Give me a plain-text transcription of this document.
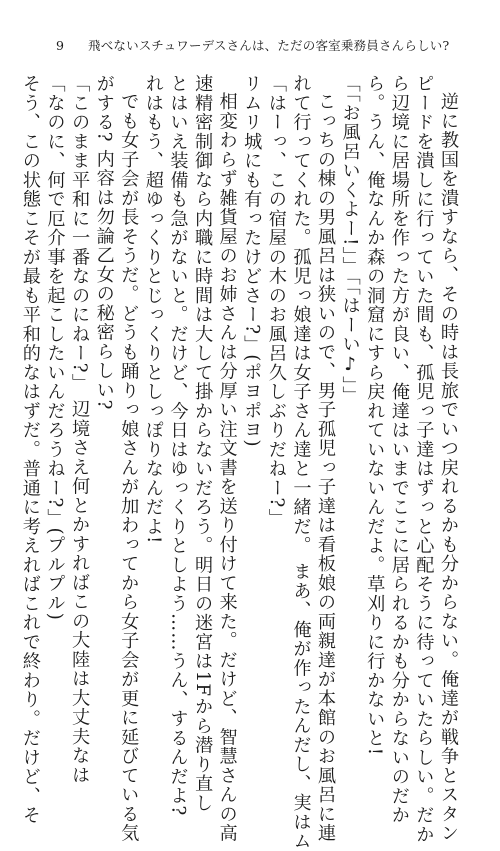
9 飛べないスチュワーデスさんは、ただの客室乗務員さんらしい?

逆に教国を潰すなら、その時は長旅でいつ戻れるかも分からない。俺達が戦争とスタン

ピードを潰しに行っていた間も、孤児っ子達はずっと心配そうに待っていたらしい。だか

ら辺境に居場所を作った方が良い、俺達はいまでここに居られるかも分からないのだか

ら。うん、俺なんか森の洞窟にすら戻れていないんだよ。草刈りに行かないと!

「「お風呂いくよー!」」「「はーい♪」」

こっちの棟の男風呂は狭いので、男子孤児っ子達は看板娘の両親達が本館のお風呂に連

れて行ってくれた。孤児っ娘達は女子さん達と一緒だ。 まあ、俺が作ったんだし、実はム

「はーっ、この宿屋の木のお風呂久しぶりだねー?」

リムリ城にも有ったけどさー?」(ポヨポヨ)

相変わらず雑貨屋のお姉さんは分厚い注文書を送り付けて来た。だけど、智慧さんの高

速精密制御なら内職に時間は大して掛からないだろう。明日の迷宮は1Fから潜り直し

とはいえ装備も急がないと。だけど、今日はゆっくりとしよう……うん、するんだよ?

れはもう、超ゆっくりとじっくりとしっぽりなんだよ!

でも女子会が長そうだ。どうも踊りっ娘さんが加わってから女子会が更に延びている気

がする? 内容は勿論乙女の秘密らしい?

「このまま平和に一番なのにねー?」 辺境さえ何とかすればこの大陸は大丈夫なは

「なのに、何で厄介事を起こしたいんだろうねー?」(プルプル)

そう、この状態こそが最も平和的なはずだ。普通に考えればこれで終わり。だけど、そ
